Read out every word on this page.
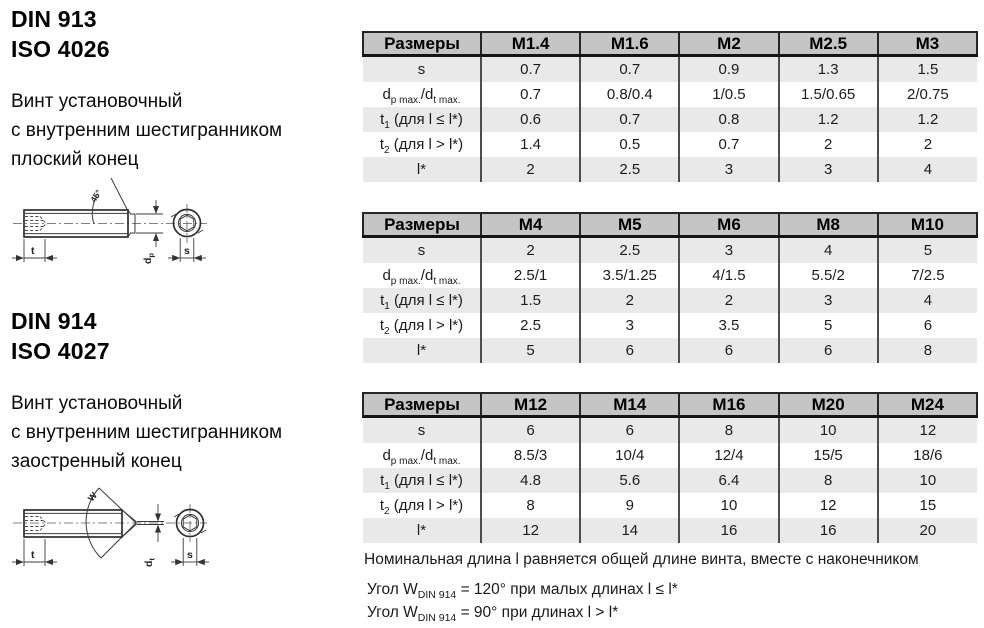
DIN 913
ISO 4026
Винт установочный
с внутренним шестигранником
плоский конец
45°
t
$d_p$	s
DIN 914
ISO 4027
Винт установочный
с внутренним шестигранником
заостренный конец
W
t
$d_t$	s
Размеры	M1.4	M1.6	M2	M2.5	M3
s	0.7	0.7	0.9	1.3	1.5
$d_{p max.}/d_{t max.}$	0.7	0.8/0.4	1/0.5	1.5/0.65	2/0.75
$t_1$ (для l ≤ l*)	0.6	0.7	0.8	1.2	1.2
$t_2$ (для l > l*)	1.4	0.5	0.7	2	2
l*	2	2.5	3	3	4
Размеры	M4	M5	M6	M8	M10
s	2	2.5	3	4	5
$d_{p max.}/d_{t max.}$	2.5/1	3.5/1.25	4/1.5	5.5/2	7/2.5
$t_1$ (для l ≤ l*)	1.5	2	2	3	4
$t_2$ (для l > l*)	2.5	3	3.5	5	6
l*	5	6	6	6	8
Размеры	M12	M14	M16	M20	M24
s	6	6	8	10	12
$d_{p max.}/d_{t max.}$	8.5/3	10/4	12/4	15/5	18/6
$t_1$ (для l ≤ l*)	4.8	5.6	6.4	8	10
$t_2$ (для l > l*)	8	9	10	12	15
l*	12	14	16	16	20
Номинальная длина l равняется общей длине винта, вместе с наконечником
Угол $W_{DIN 914} = 120^\circ$ при малых длинах l ≤ l*
Угол $W_{DIN 914} = 90^\circ$ при длинах l > l*
